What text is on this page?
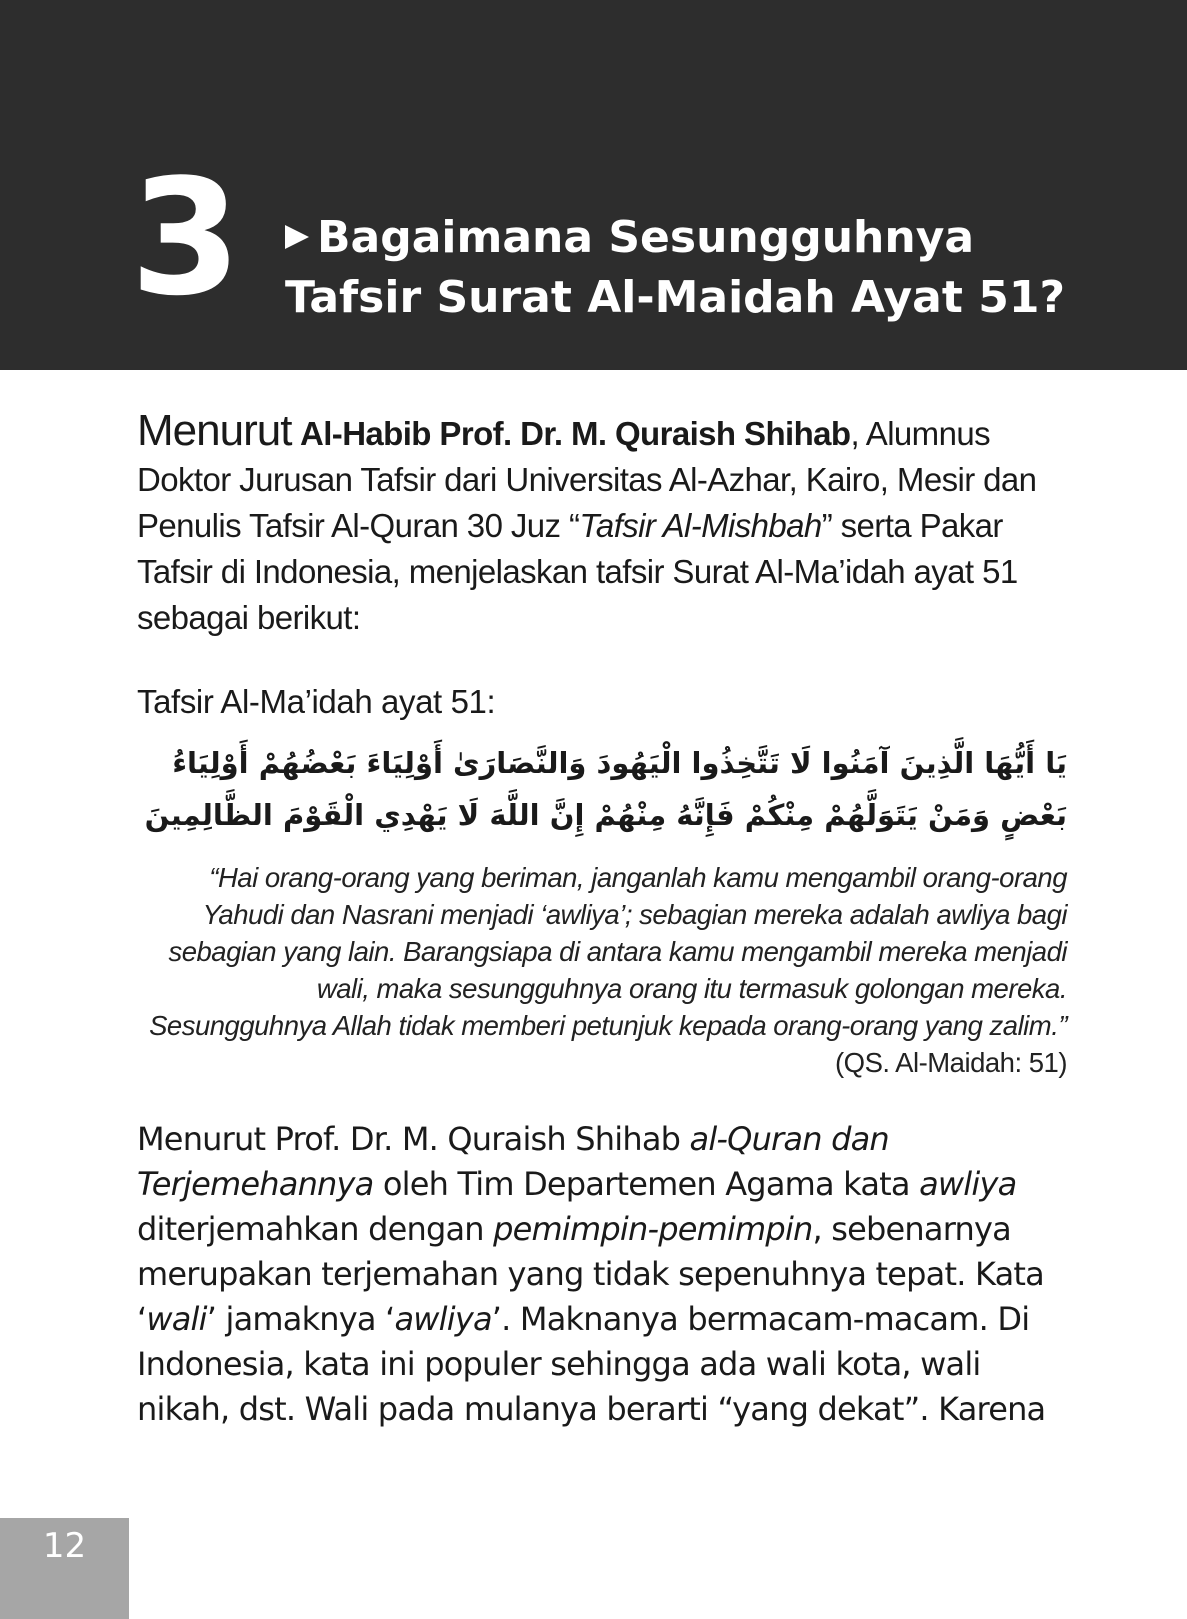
3	Bagaimana Sesungguhnya
Tafsir Surat Al-Maidah Ayat 51?

Menurut Al-Habib Prof. Dr. M. Quraish Shihab, Alumnus Doktor Jurusan Tafsir dari Universitas Al-Azhar, Kairo, Mesir dan Penulis Tafsir Al-Quran 30 Juz “Tafsir Al-Mishbah” serta Pakar Tafsir di Indonesia, menjelaskan tafsir Surat Al-Ma’idah ayat 51 sebagai berikut:

Tafsir Al-Ma’idah ayat 51:

يَا أَيُّهَا الَّذِينَ آمَنُوا لَا تَتَّخِذُوا الْيَهُودَ وَالنَّصَارَىٰ أَوْلِيَاءَ بَعْضُهُمْ أَوْلِيَاءُ بَعْضٍ وَمَنْ يَتَوَلَّهُمْ مِنْكُمْ فَإِنَّهُ مِنْهُمْ إِنَّ اللَّهَ لَا يَهْدِي الْقَوْمَ الظَّالِمِينَ

“Hai orang-orang yang beriman, janganlah kamu mengambil orang-orang Yahudi dan Nasrani menjadi ‘awliya’; sebagian mereka adalah awliya bagi sebagian yang lain. Barangsiapa di antara kamu mengambil mereka menjadi wali, maka sesungguhnya orang itu termasuk golongan mereka. Sesungguhnya Allah tidak memberi petunjuk kepada orang-orang yang zalim.” (QS. Al-Maidah: 51)

Menurut Prof. Dr. M. Quraish Shihab al-Quran dan Terjemehannya oleh Tim Departemen Agama kata awliya diterjemahkan dengan pemimpin-pemimpin, sebenarnya merupakan terjemahan yang tidak sepenuhnya tepat. Kata ‘wali’ jamaknya ‘awliya’. Maknanya bermacam-macam. Di Indonesia, kata ini populer sehingga ada wali kota, wali nikah, dst. Wali pada mulanya berarti “yang dekat”. Karena

12
